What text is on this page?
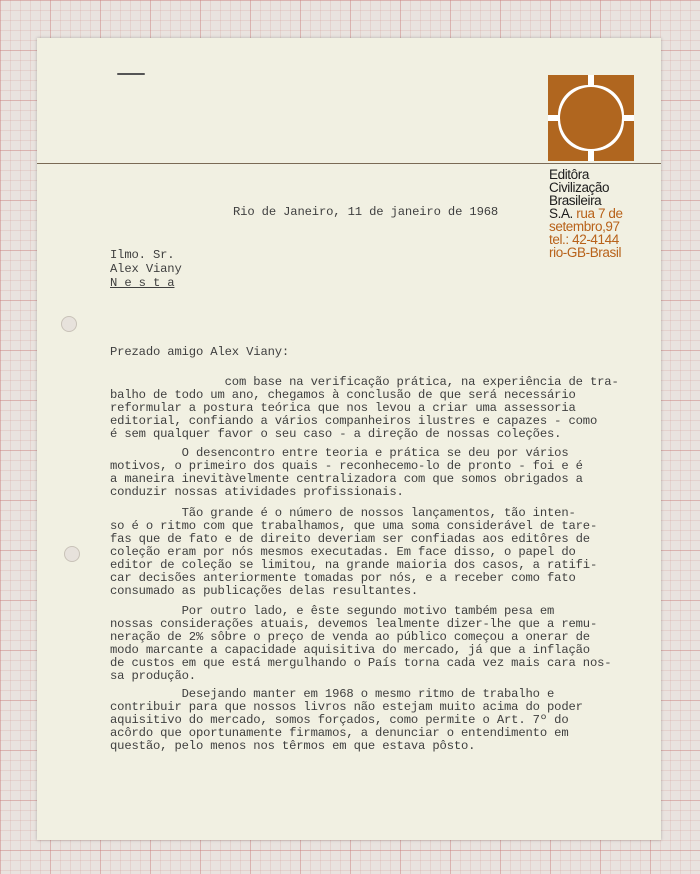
Editôra
Civilização
Brasileira
S.A. rua 7 de
setembro,97
tel.: 42-4144
rio-GB-Brasil
Rio de Janeiro, 11 de janeiro de 1968
Ilmo. Sr.
Alex Viany
N e s t a
Prezado amigo Alex Viany:
com base na verificação prática, na experiência de tra-
balho de todo um ano, chegamos à conclusão de que será necessário
reformular a postura teórica que nos levou a criar uma assessoria
editorial, confiando a vários companheiros ilustres e capazes - como
é sem qualquer favor o seu caso - a direção de nossas coleções.
O desencontro entre teoria e prática se deu por vários
motivos, o primeiro dos quais - reconhecemo-lo de pronto - foi e é
a maneira inevitàvelmente centralizadora com que somos obrigados a
conduzir nossas atividades profissionais.
Tão grande é o número de nossos lançamentos, tão inten-
so é o ritmo com que trabalhamos, que uma soma considerável de tare-
fas que de fato e de direito deveriam ser confiadas aos editôres de
coleção eram por nós mesmos executadas. Em face disso, o papel do
editor de coleção se limitou, na grande maioria dos casos, a ratifi-
car decisões anteriormente tomadas por nós, e a receber como fato
consumado as publicações delas resultantes.
Por outro lado, e êste segundo motivo também pesa em
nossas considerações atuais, devemos lealmente dizer-lhe que a remu-
neração de 2% sôbre o preço de venda ao público começou a onerar de
modo marcante a capacidade aquisitiva do mercado, já que a inflação
de custos em que está mergulhando o País torna cada vez mais cara nos-
sa produção.
Desejando manter em 1968 o mesmo ritmo de trabalho e
contribuir para que nossos livros não estejam muito acima do poder
aquisitivo do mercado, somos forçados, como permite o Art. 7º do
acôrdo que oportunamente firmamos, a denunciar o entendimento em
questão, pelo menos nos têrmos em que estava pôsto.
